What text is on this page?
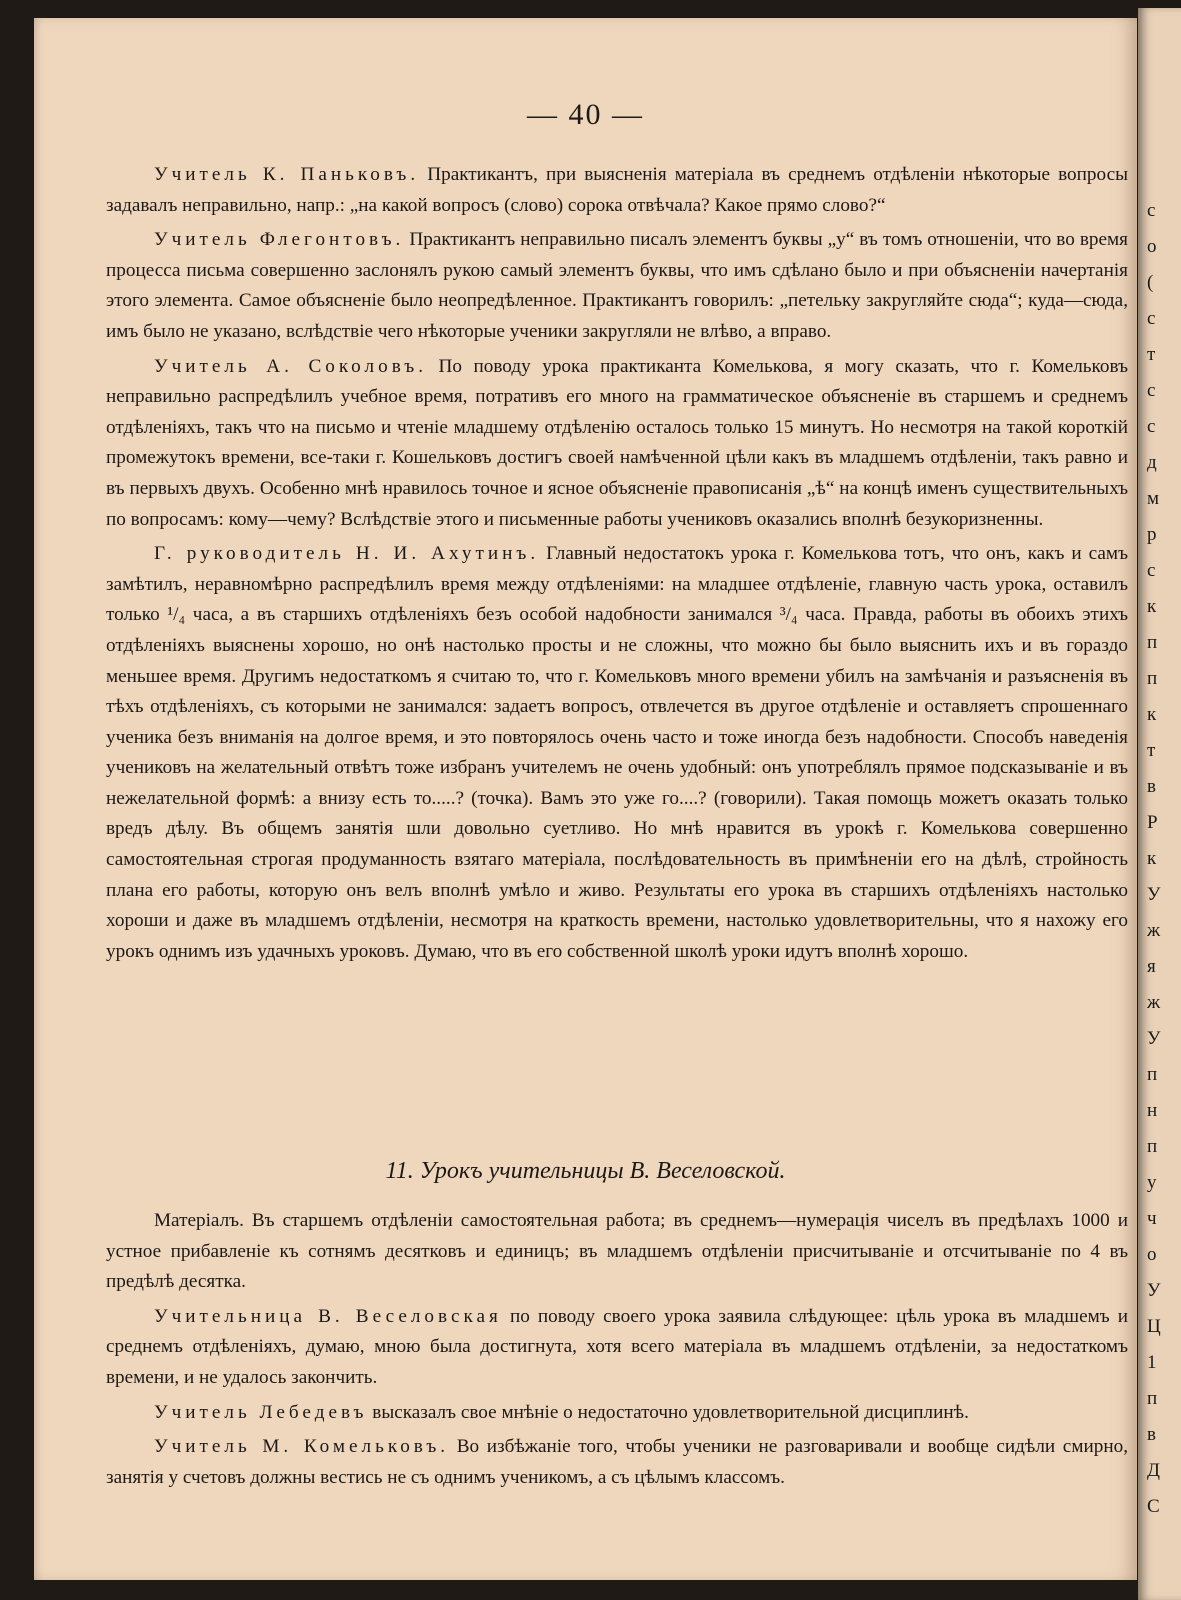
— 40 —

Учитель К. Паньковъ. Практикантъ, при выясненія матеріала въ среднемъ отдѣленіи нѣкоторые вопросы задавалъ неправильно, напр.: „на какой вопросъ (слово) сорока отвѣчала? Какое прямо слово?“

Учитель Флегонтовъ. Практикантъ неправильно писалъ элементъ буквы „у“ въ томъ отношеніи, что во время процесса письма совершенно заслонялъ рукою самый элементъ буквы, что имъ сдѣлано было и при объясненіи начертанія этого элемента. Самое объясненіе было неопредѣленное. Практикантъ говорилъ: „петельку закругляйте сюда“; куда—сюда, имъ было не указано, вслѣдствіе чего нѣкоторые ученики закругляли не влѣво, а вправо.

Учитель А. Соколовъ. По поводу урока практиканта Комелькова, я могу сказать, что г. Комельковъ неправильно распредѣлилъ учебное время, потративъ его много на грамматическое объясненіе въ старшемъ и среднемъ отдѣленіяхъ, такъ что на письмо и чтеніе младшему отдѣленію осталось только 15 минутъ. Но несмотря на такой короткій промежутокъ времени, все-таки г. Кошельковъ достигъ своей намѣченной цѣли какъ въ младшемъ отдѣленіи, такъ равно и въ первыхъ двухъ. Особенно мнѣ нравилось точное и ясное объясненіе правописанія „ѣ“ на концѣ именъ существительныхъ по вопросамъ: кому—чему? Вслѣдствіе этого и письменные работы учениковъ оказались вполнѣ безукоризненны.

Г. руководитель Н. И. Ахутинъ. Главный недостатокъ урока г. Комелькова тотъ, что онъ, какъ и самъ замѣтилъ, неравномѣрно распредѣлилъ время между отдѣленіями: на младшее отдѣленіе, главную часть урока, оставилъ только ¹/₄ часа, а въ старшихъ отдѣленіяхъ безъ особой надобности занимался ³/₄ часа. Правда, работы въ обоихъ этихъ отдѣленіяхъ выяснены хорошо, но онѣ настолько просты и не сложны, что можно бы было выяснить ихъ и въ гораздо меньшее время. Другимъ недостаткомъ я считаю то, что г. Комельковъ много времени убилъ на замѣчанія и разъясненія въ тѣхъ отдѣленіяхъ, съ которыми не занимался: задаетъ вопросъ, отвлечется въ другое отдѣленіе и оставляетъ спрошеннаго ученика безъ вниманія на долгое время, и это повторялось очень часто и тоже иногда безъ надобности. Способъ наведенія учениковъ на желательный отвѣтъ тоже избранъ учителемъ не очень удобный: онъ употреблялъ прямое подсказываніе и въ нежелательной формѣ: а внизу есть то.....? (точка). Вамъ это уже го....? (говорили). Такая помощь можетъ оказать только вредъ дѣлу. Въ общемъ занятія шли довольно суетливо. Но мнѣ нравится въ урокѣ г. Комелькова совершенно самостоятельная строгая продуманность взятаго матеріала, послѣдовательность въ примѣненіи его на дѣлѣ, стройность плана его работы, которую онъ велъ вполнѣ умѣло и живо. Результаты его урока въ старшихъ отдѣленіяхъ настолько хороши и даже въ младшемъ отдѣленіи, несмотря на краткость времени, настолько удовлетворительны, что я нахожу его урокъ однимъ изъ удачныхъ уроковъ. Думаю, что въ его собственной школѣ уроки идутъ вполнѣ хорошо.

11. Урокъ учительницы В. Веселовской.

Матеріалъ. Въ старшемъ отдѣленіи самостоятельная работа; въ среднемъ—нумерація чиселъ въ предѣлахъ 1000 и устное прибавленіе къ сотнямъ десятковъ и единицъ; въ младшемъ отдѣленіи присчитываніе и отсчитываніе по 4 въ предѣлѣ десятка.

Учительница В. Веселовская по поводу своего урока заявила слѣдующее: цѣль урока въ младшемъ и среднемъ отдѣленіяхъ, думаю, мною была достигнута, хотя всего матеріала въ младшемъ отдѣленіи, за недостаткомъ времени, и не удалось закончить.

Учитель Лебедевъ высказалъ свое мнѣніе о недостаточно удовлетворительной дисциплинѣ.

Учитель М. Комельковъ. Во избѣжаніе того, чтобы ученики не разговаривали и вообще сидѣли смирно, занятія у счетовъ должны вестись не съ однимъ ученикомъ, а съ цѣлымъ классомъ.

с
о
(
с
т
с
с
д
м
р
с
к
п
п
к
т
в
Р
к
У
ж
я
ж
У
п
н
п
у
ч
о
У
Ц
1
п
в
Д
С
